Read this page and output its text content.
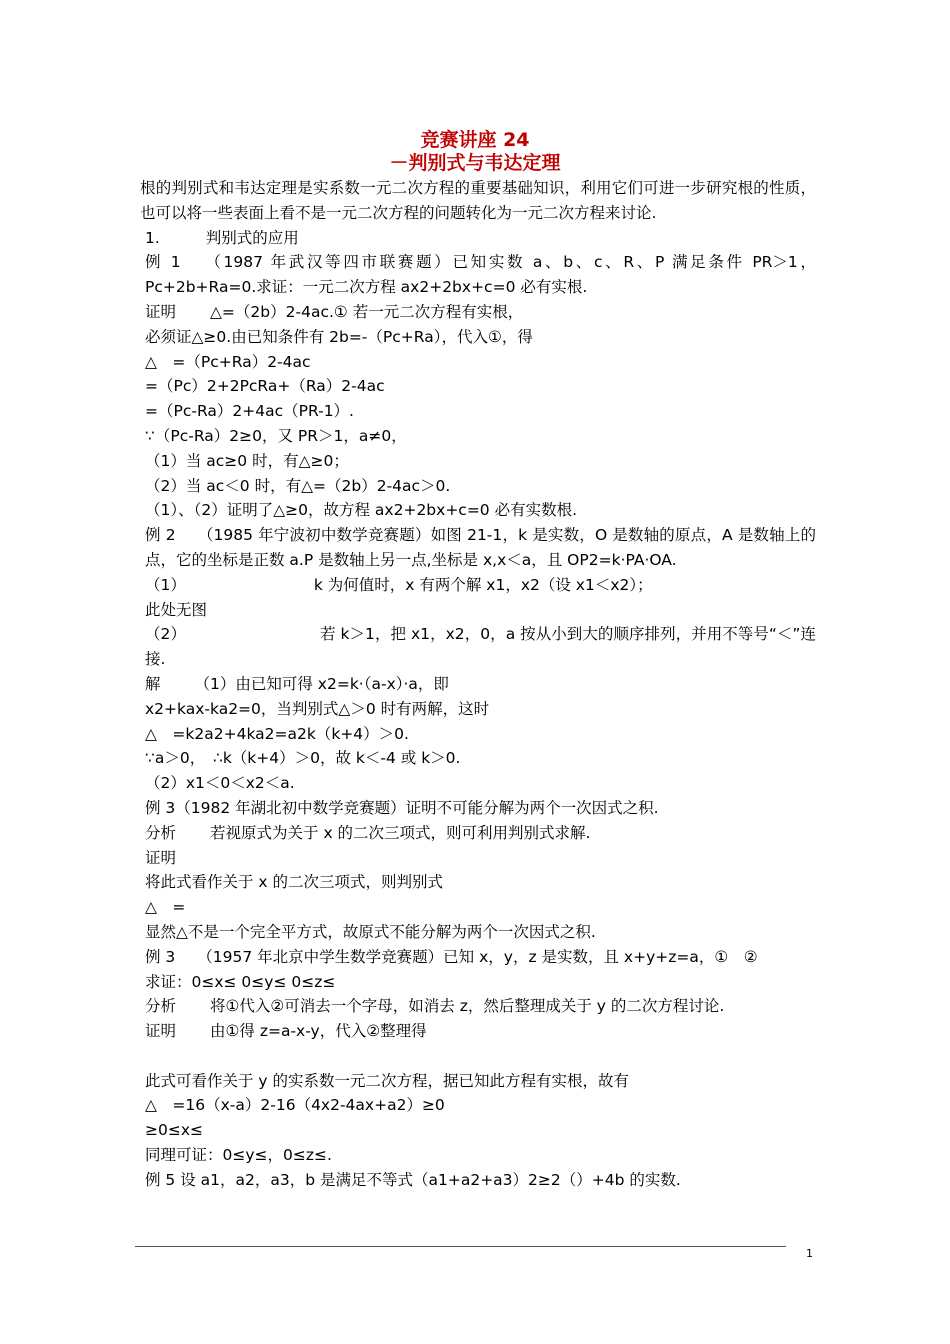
竞赛讲座 24
－判别式与韦达定理

根的判别式和韦达定理是实系数一元二次方程的重要基础知识，利用它们可进一步研究根的性质，也可以将一些表面上看不是一元二次方程的问题转化为一元二次方程来讨论.

1.	判别式的应用

例 1 （1987 年武汉等四市联赛题）已知实数 a、b、c、R、P 满足条件 PR＞1，Pc+2b+Ra=0.求证：一元二次方程 ax2+2bx+c=0 必有实根.

证明 △=（2b）2-4ac.① 若一元二次方程有实根，

必须证△≥0.由已知条件有 2b=-（Pc+Ra），代入①，得

△　=（Pc+Ra）2-4ac

=（Pc）2+2PcRa+（Ra）2-4ac

=（Pc-Ra）2+4ac（PR-1）.

∵（Pc-Ra）2≥0，又 PR＞1，a≠0，

（1）当 ac≥0 时，有△≥0；

（2）当 ac＜0 时，有△=（2b）2-4ac＞0.

（1）、（2）证明了△≥0，故方程 ax2+2bx+c=0 必有实数根.

例 2 （1985 年宁波初中数学竞赛题）如图 21-1，k 是实数，O 是数轴的原点，A 是数轴上的点，它的坐标是正数 a.P 是数轴上另一点,坐标是 x,x＜a，且 OP2=k·PA·OA.

（1）	k 为何值时，x 有两个解 x1，x2（设 x1＜x2）；

此处无图

（2）	若 k＞1，把 x1，x2，0，a 按从小到大的顺序排列，并用不等号“＜”连接.

解 （1）由已知可得 x2=k·（a-x）·a，即

x2+kax-ka2=0，当判别式△＞0 时有两解，这时

△　=k2a2+4ka2=a2k（k+4）＞0.

∵a＞0，　∴k（k+4）＞0，故 k＜-4 或 k＞0.

（2）x1＜0＜x2＜a.

例 3（1982 年湖北初中数学竞赛题）证明不可能分解为两个一次因式之积.

分析 若视原式为关于 x 的二次三项式，则可利用判别式求解.

证明

将此式看作关于 x 的二次三项式，则判别式

△　=

显然△不是一个完全平方式，故原式不能分解为两个一次因式之积.

例 3 （1957 年北京中学生数学竞赛题）已知 x，y，z 是实数，且 x+y+z=a，①　②

求证：0≤x≤ 0≤y≤ 0≤z≤

分析 将①代入②可消去一个字母，如消去 z，然后整理成关于 y 的二次方程讨论.

证明 由①得 z=a-x-y，代入②整理得

此式可看作关于 y 的实系数一元二次方程，据已知此方程有实根，故有

△　=16（x-a）2-16（4x2-4ax+a2）≥0

≥0≤x≤

同理可证：0≤y≤，0≤z≤.

例 5 设 a1，a2，a3，b 是满足不等式（a1+a2+a3）2≥2（）+4b 的实数.

1
